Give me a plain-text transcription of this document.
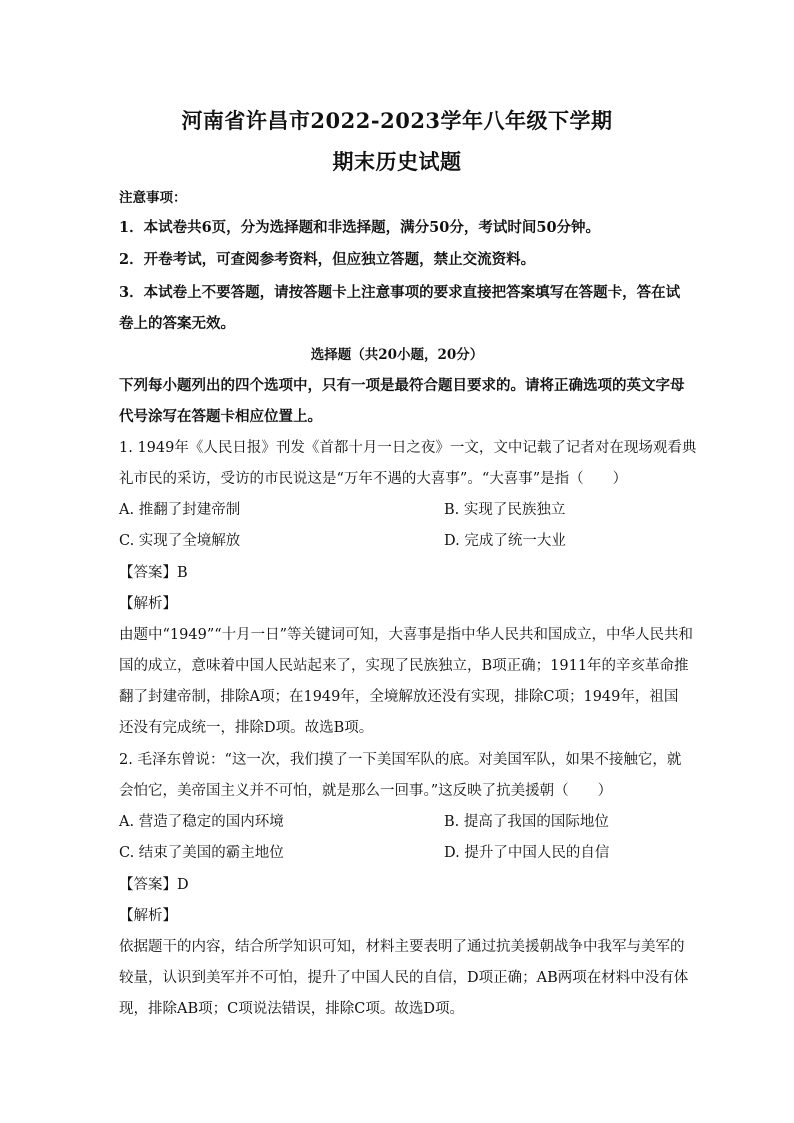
河南省许昌市2022-2023学年八年级下学期
期末历史试题
注意事项：
1．本试卷共6页，分为选择题和非选择题，满分50分，考试时间50分钟。
2．开卷考试，可查阅参考资料，但应独立答题，禁止交流资料。
3．本试卷上不要答题，请按答题卡上注意事项的要求直接把答案填写在答题卡，答在试
卷上的答案无效。
选择题（共20小题，20分）
下列每小题列出的四个选项中，只有一项是最符合题目要求的。请将正确选项的英文字母
代号涂写在答题卡相应位置上。
1. 1949年《人民日报》刊发《首都十月一日之夜》一文，文中记载了记者对在现场观看典
礼市民的采访，受访的市民说这是“万年不遇的大喜事”。“大喜事”是指（　　）
A. 推翻了封建帝制	B. 实现了民族独立
C. 实现了全境解放	D. 完成了统一大业
【答案】B
【解析】
由题中“1949”“十月一日”等关键词可知，大喜事是指中华人民共和国成立，中华人民共和
国的成立，意味着中国人民站起来了，实现了民族独立，B项正确；1911年的辛亥革命推
翻了封建帝制，排除A项；在1949年，全境解放还没有实现，排除C项；1949年，祖国
还没有完成统一，排除D项。故选B项。
2. 毛泽东曾说：“这一次，我们摸了一下美国军队的底。对美国军队，如果不接触它，就
会怕它，美帝国主义并不可怕，就是那么一回事。”这反映了抗美援朝（　　）
A. 营造了稳定的国内环境	B. 提高了我国的国际地位
C. 结束了美国的霸主地位	D. 提升了中国人民的自信
【答案】D
【解析】
依据题干的内容，结合所学知识可知，材料主要表明了通过抗美援朝战争中我军与美军的
较量，认识到美军并不可怕，提升了中国人民的自信，D项正确；AB两项在材料中没有体
现，排除AB项；C项说法错误，排除C项。故选D项。
